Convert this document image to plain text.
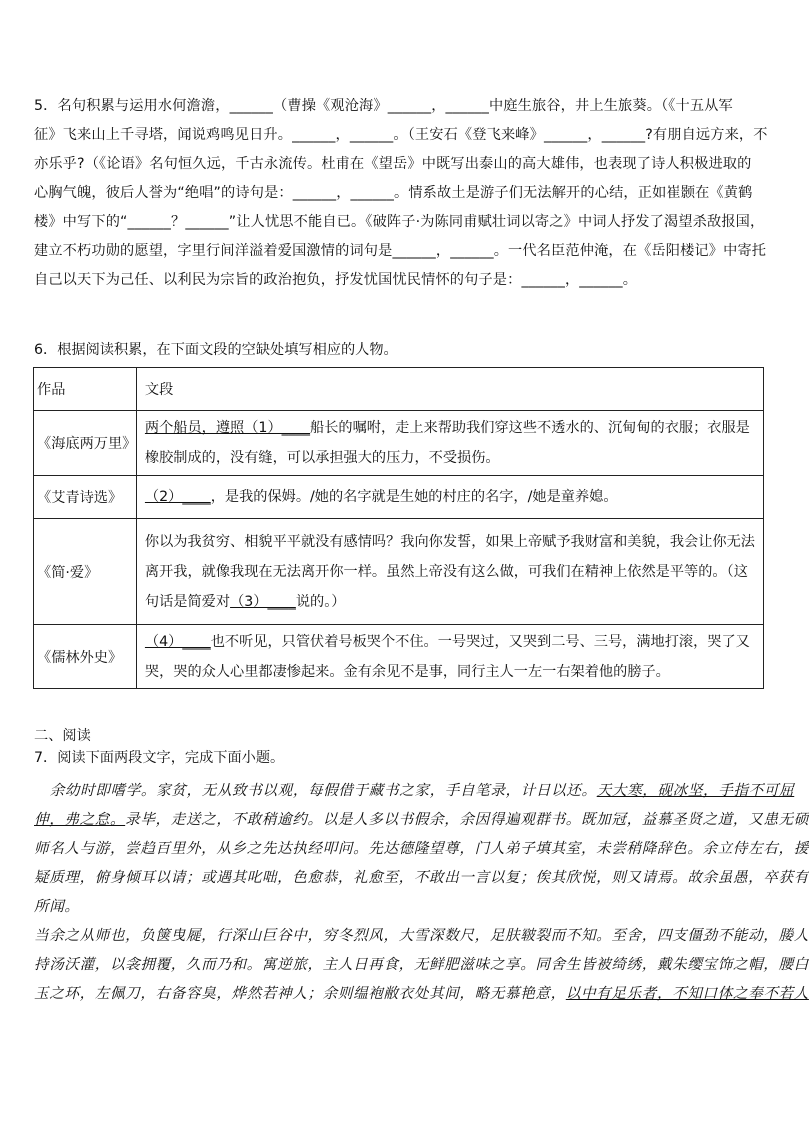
5．名句积累与运用水何澹澹，______（曹操《观沧海》______，______中庭生旅谷，井上生旅葵。（《十五从军

征》飞来山上千寻塔，闻说鸡鸣见日升。______，______。（王安石《登飞来峰》______，______?有朋自远方来，不

亦乐乎?（《论语》名句恒久远，千古永流传。杜甫在《望岳》中既写出泰山的高大雄伟，也表现了诗人积极进取的

心胸气魄，彼后人誉为“绝唱”的诗句是：______，______。情系故土是游子们无法解开的心结，正如崔颢在《黄鹤

楼》中写下的“______？______”让人忧思不能自已。《破阵子·为陈同甫赋壮词以寄之》中词人抒发了渴望杀敌报国，

建立不朽功勋的愿望，字里行间洋溢着爱国激情的词句是______，______。一代名臣范仲淹，在《岳阳楼记》中寄托

自己以天下为己任、以利民为宗旨的政治抱负，抒发忧国忧民情怀的句子是：______，______。

6．根据阅读积累，在下面文段的空缺处填写相应的人物。
作品	文段
《海底两万里》	两个船员，遵照（1）____船长的嘱咐，走上来帮助我们穿这些不透水的、沉甸甸的衣服；衣服是

橡胶制成的，没有缝，可以承担强大的压力，不受损伤。

《艾青诗选》	（2）____，是我的保姆。/她的名字就是生她的村庄的名字，/她是童养媳。

《简·爱》	你以为我贫穷、相貌平平就没有感情吗？我向你发誓，如果上帝赋予我财富和美貌，我会让你无法

离开我，就像我现在无法离开你一样。虽然上帝没有这么做，可我们在精神上依然是平等的。（这

句话是简爱对（3）____说的。）

《儒林外史》	（4）____也不听见，只管伏着号板哭个不住。一号哭过，又哭到二号、三号，满地打滚，哭了又

哭，哭的众人心里都凄惨起来。金有余见不是事，同行主人一左一右架着他的膀子。

二、阅读
7．阅读下面两段文字，完成下面小题。

余幼时即嗜学。家贫，无从致书以观，每假借于藏书之家，手自笔录，计日以还。天大寒，砚冰坚，手指不可屈

伸，弗之怠。录毕，走送之，不敢稍逾约。以是人多以书假余，余因得遍观群书。既加冠，益慕圣贤之道，又患无硕

师名人与游，尝趋百里外，从乡之先达执经叩问。先达德隆望尊，门人弟子填其室，未尝稍降辞色。余立侍左右，援

疑质理，俯身倾耳以请；或遇其叱咄，色愈恭，礼愈至，不敢出一言以复；俟其欣悦，则又请焉。故余虽愚，卒获有

所闻。

当余之从师也，负箧曳屣，行深山巨谷中，穷冬烈风，大雪深数尺，足肤皲裂而不知。至舍，四支僵劲不能动，媵人

持汤沃灌，以衾拥覆，久而乃和。寓逆旅，主人日再食，无鲜肥滋味之享。同舍生皆被绮绣，戴朱缨宝饰之帽，腰白

玉之环，左佩刀，右备容臭，烨然若神人；余则缊袍敝衣处其间，略无慕艳意，以中有足乐者，不知口体之奉不若人
